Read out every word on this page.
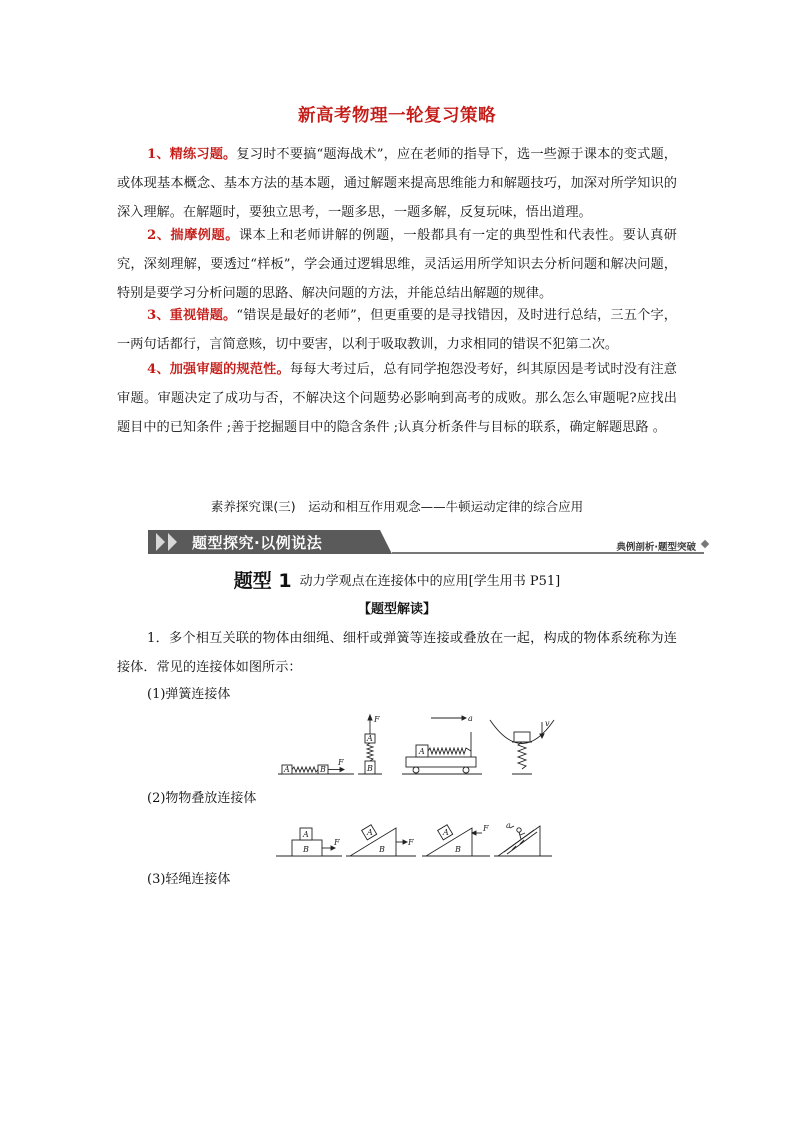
新高考物理一轮复习策略

1、精练习题。复习时不要搞“题海战术”，应在老师的指导下，选一些源于课本的变式题，或体现基本概念、基本方法的基本题，通过解题来提高思维能力和解题技巧，加深对所学知识的深入理解。在解题时，要独立思考，一题多思，一题多解，反复玩味，悟出道理。

2、揣摩例题。课本上和老师讲解的例题，一般都具有一定的典型性和代表性。要认真研究，深刻理解，要透过“样板”，学会通过逻辑思维，灵活运用所学知识去分析问题和解决问题，特别是要学习分析问题的思路、解决问题的方法，并能总结出解题的规律。

3、重视错题。“错误是最好的老师”，但更重要的是寻找错因，及时进行总结，三五个字，一两句话都行，言简意赅，切中要害，以利于吸取教训，力求相同的错误不犯第二次。

4、加强审题的规范性。每每大考过后，总有同学抱怨没考好，纠其原因是考试时没有注意审题。审题决定了成功与否，不解决这个问题势必影响到高考的成败。那么怎么审题呢?应找出题目中的已知条件 ;善于挖掘题目中的隐含条件 ;认真分析条件与目标的联系，确定解题思路 。

素养探究课(三)　运动和相互作用观念——牛顿运动定律的综合应用
题型探究·以例说法	典例剖析·题型突破
题型 1 动力学观点在连接体中的应用[学生用书 P51]
【题型解读】

1．多个相互关联的物体由细绳、细杆或弹簧等连接或叠放在一起，构成的物体系统称为连接体．常见的连接体如图所示：

(1)弹簧连接体
(2)物物叠放连接体
(3)轻绳连接体
A	B
F
A
B
F
A
a
v
A
B
F
A
B
F
A
B
F a
